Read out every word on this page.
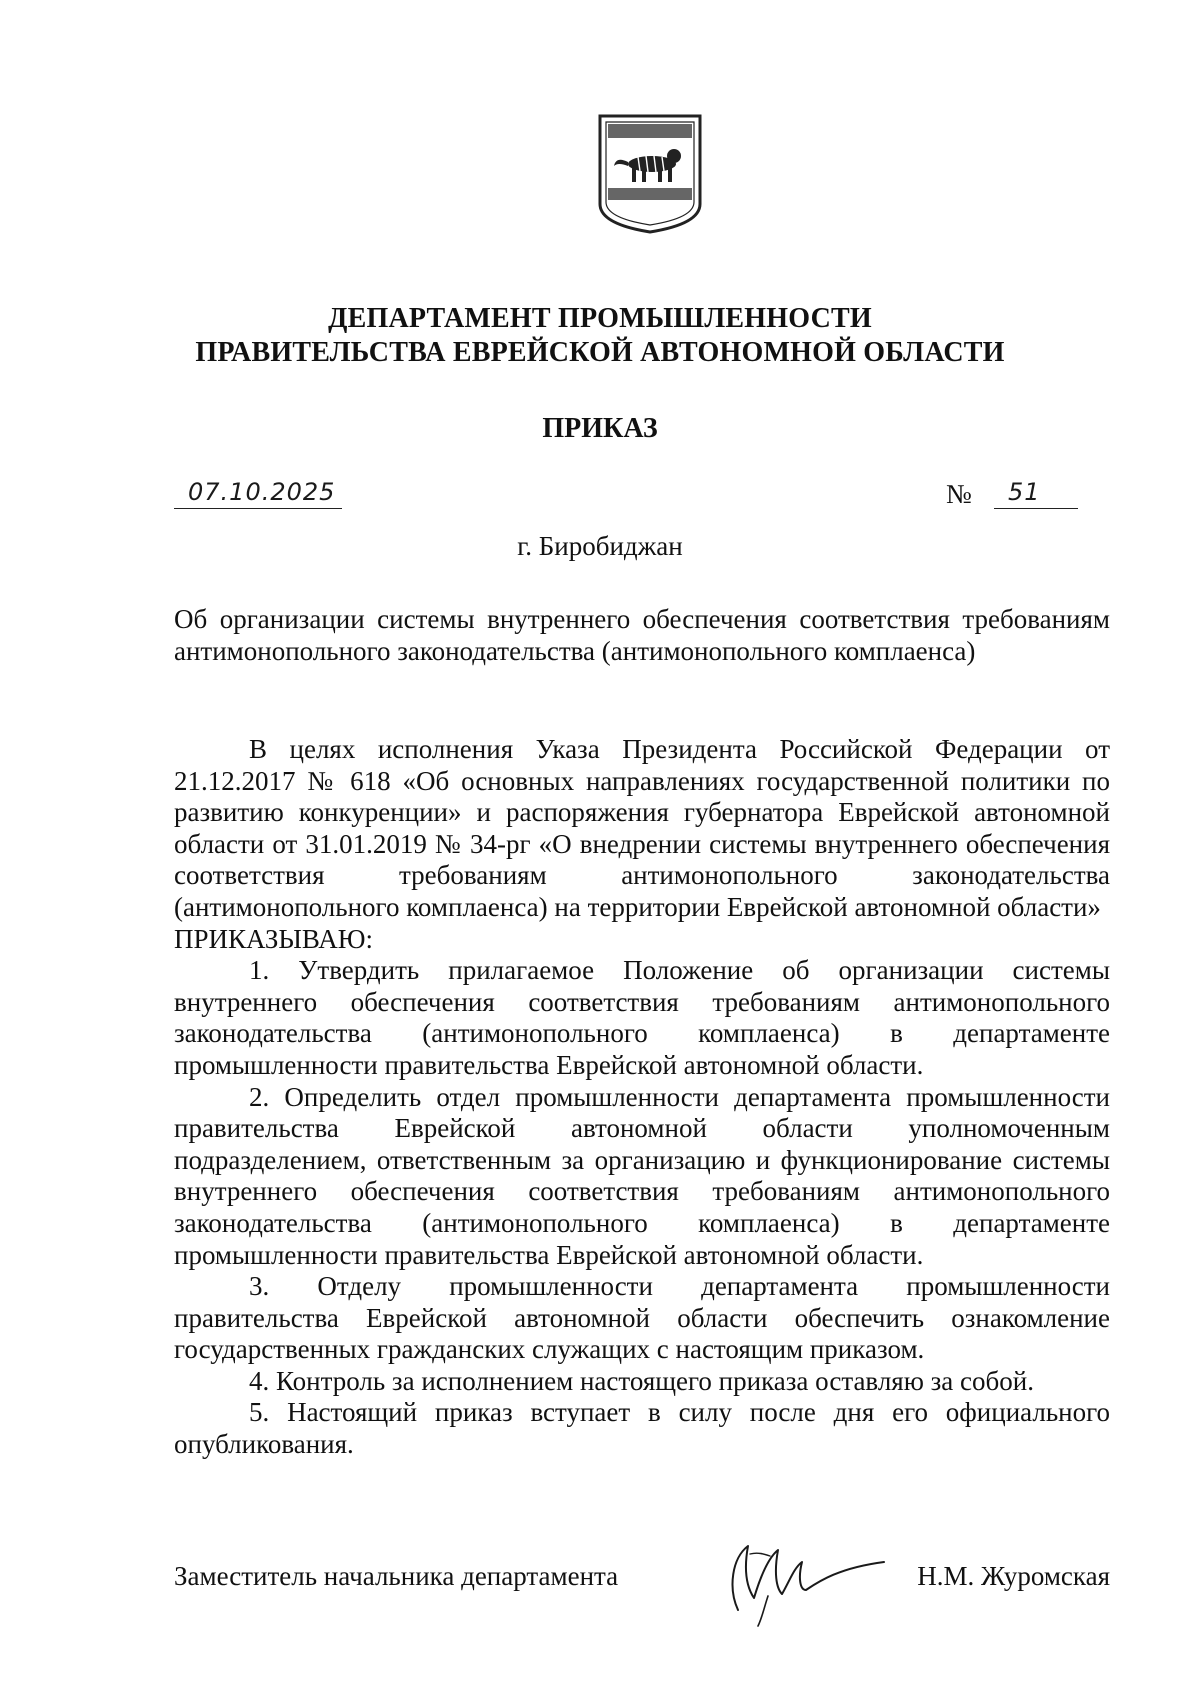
ДЕПАРТАМЕНТ ПРОМЫШЛЕННОСТИ
ПРАВИТЕЛЬСТВА ЕВРЕЙСКОЙ АВТОНОМНОЙ ОБЛАСТИ
ПРИКАЗ
07.10.2025	№ 51
г. Биробиджан
Об организации системы внутреннего обеспечения соответствия требованиям антимонопольного законодательства (антимонопольного комплаенса)

В целях исполнения Указа Президента Российской Федерации от 21.12.2017 № 618 «Об основных направлениях государственной политики по развитию конкуренции» и распоряжения губернатора Еврейской автономной области от 31.01.2019 № 34-рг «О внедрении системы внутреннего обеспечения соответствия требованиям антимонопольного законодательства (антимонопольного комплаенса) на территории Еврейской автономной области»

ПРИКАЗЫВАЮ:

1. Утвердить прилагаемое Положение об организации системы внутреннего обеспечения соответствия требованиям антимонопольного законодательства (антимонопольного комплаенса) в департаменте промышленности правительства Еврейской автономной области.

2. Определить отдел промышленности департамента промышленности правительства Еврейской автономной области уполномоченным подразделением, ответственным за организацию и функционирование системы внутреннего обеспечения соответствия требованиям антимонопольного законодательства (антимонопольного комплаенса) в департаменте промышленности правительства Еврейской автономной области.

3. Отделу промышленности департамента промышленности правительства Еврейской автономной области обеспечить ознакомление государственных гражданских служащих с настоящим приказом.

4. Контроль за исполнением настоящего приказа оставляю за собой.

5. Настоящий приказ вступает в силу после дня его официального опубликования.

Заместитель начальника департамента	Н.М. Журомская
